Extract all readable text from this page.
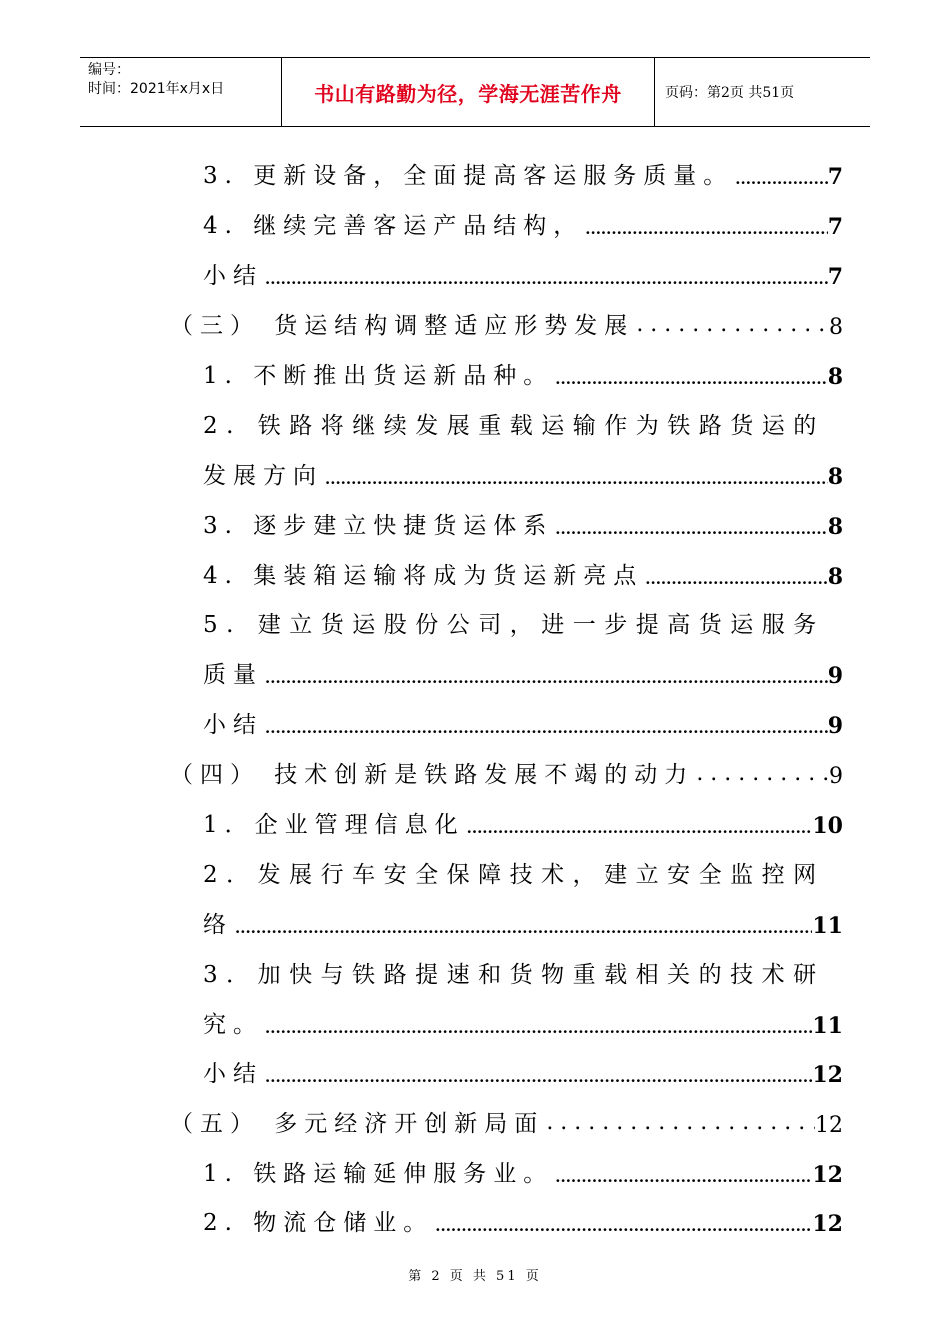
编号：
时间：2021年x月x日	书山有路勤为径，学海无涯苦作舟	页码：第2页 共51页
3. 更新设备，全面提高客运服务质量。 .....	7
4. 继续完善客运产品结构， .....	7
小结 .....	7
（三） 货运结构调整适应形势发展 .....	8
1. 不断推出货运新品种。 .....	8
2. 铁路将继续发展重载运输作为铁路货运的
发展方向 .....	8
3. 逐步建立快捷货运体系 .....	8
4. 集装箱运输将成为货运新亮点 .....	8
5. 建立货运股份公司，进一步提高货运服务
质量 .....	9
小结 .....	9
（四） 技术创新是铁路发展不竭的动力 .....	9
1．企业管理信息化 .....	10
2．发展行车安全保障技术，建立安全监控网
络 .....	11
3．加快与铁路提速和货物重载相关的技术研
究。 .....	11
小结 .....	12
（五） 多元经济开创新局面 .....	12
1. 铁路运输延伸服务业。 .....	12
2. 物流仓储业。 .....	12
第 2 页 共 51 页
